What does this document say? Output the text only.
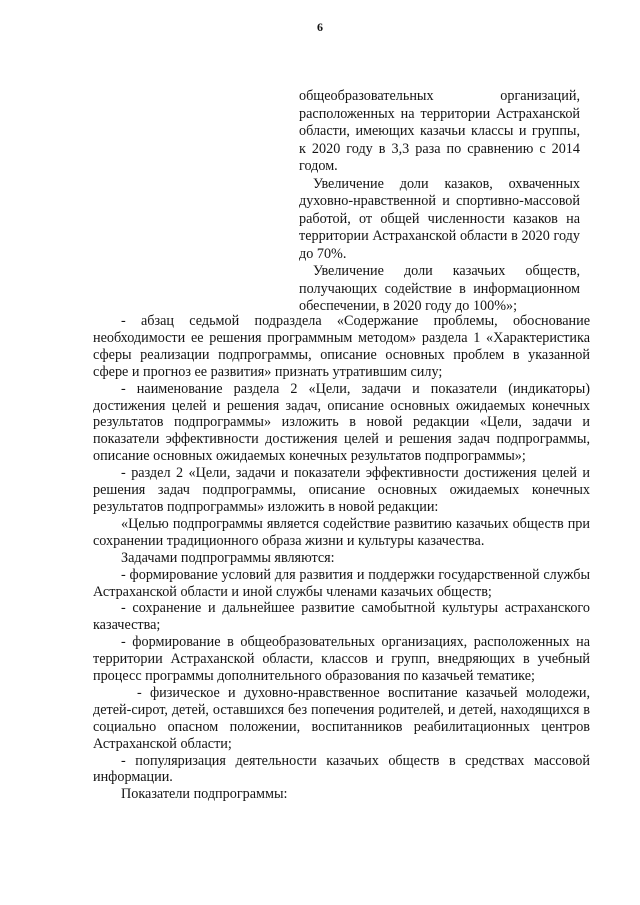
6

общеобразовательных организаций, расположенных на территории Астраханской области, имеющих казачьи классы и группы, к 2020 году в 3,3 раза по сравнению с 2014 годом.

Увеличение доли казаков, охваченных духовно-нравственной и спортивно-массовой работой, от общей численности казаков на территории Астраханской области в 2020 году до 70%.

Увеличение доли казачьих обществ, получающих содействие в информационном обеспечении, в 2020 году до 100%»;

- абзац седьмой подраздела «Содержание проблемы, обоснование необходимости ее решения программным методом» раздела 1 «Характеристика сферы реализации подпрограммы, описание основных проблем в указанной сфере и прогноз ее развития» признать утратившим силу;

- наименование раздела 2 «Цели, задачи и показатели (индикаторы) достижения целей и решения задач, описание основных ожидаемых конечных результатов подпрограммы» изложить в новой редакции «Цели, задачи и показатели эффективности достижения целей и решения задач подпрограммы, описание основных ожидаемых конечных результатов подпрограммы»;

- раздел 2 «Цели, задачи и показатели эффективности достижения целей и решения задач подпрограммы, описание основных ожидаемых конечных результатов подпрограммы» изложить в новой редакции:

«Целью подпрограммы является содействие развитию казачьих обществ при сохранении традиционного образа жизни и культуры казачества.

Задачами подпрограммы являются:

- формирование условий для развития и поддержки государственной службы Астраханской области и иной службы членами казачьих обществ;

- сохранение и дальнейшее развитие самобытной культуры астраханского казачества;

- формирование в общеобразовательных организациях, расположенных на территории Астраханской области, классов и групп, внедряющих в учебный процесс программы дополнительного образования по казачьей тематике;

- физическое и духовно-нравственное воспитание казачьей молодежи, детей-сирот, детей, оставшихся без попечения родителей, и детей, находящихся в социально опасном положении, воспитанников реабилитационных центров Астраханской области;

- популяризация деятельности казачьих обществ в средствах массовой информации.

Показатели подпрограммы:
